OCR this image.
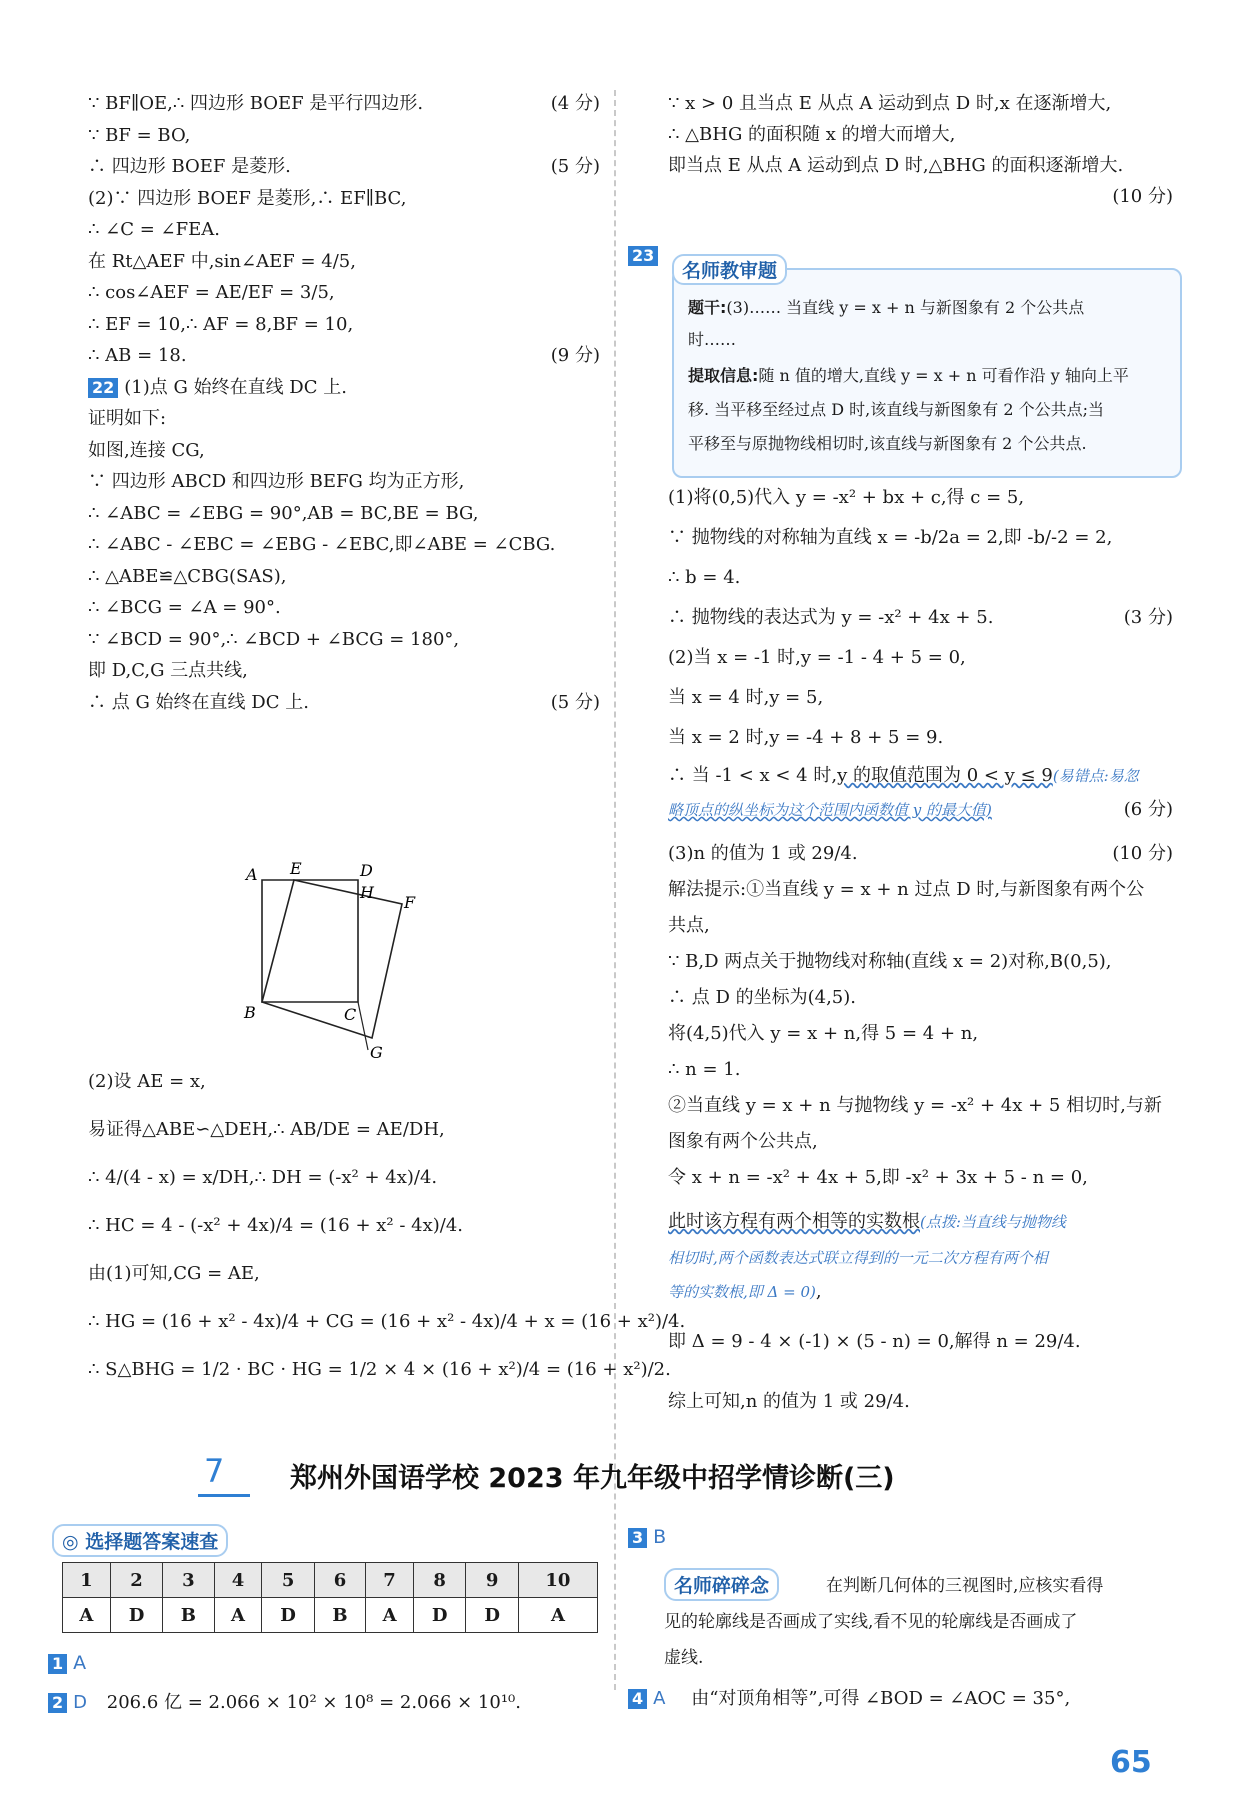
∵ BF∥OE,∴ 四边形 BOEF 是平行四边形.	(4 分)
∵ BF = BO,
∴ 四边形 BOEF 是菱形.	(5 分)
(2)∵ 四边形 BOEF 是菱形,∴ EF∥BC,
∴ ∠C = ∠FEA.
在 Rt△AEF 中,sin∠AEF = 4/5,
∴ cos∠AEF = AE/EF = 3/5,
∴ EF = 10,∴ AF = 8,BF = 10,
∴ AB = 18.	(9 分)
22 (1)点 G 始终在直线 DC 上.
证明如下:
如图,连接 CG,
∵ 四边形 ABCD 和四边形 BEFG 均为正方形,
∴ ∠ABC = ∠EBG = 90°,AB = BC,BE = BG,
∴ ∠ABC - ∠EBC = ∠EBG - ∠EBC,即∠ABE = ∠CBG.
∴ △ABE≌△CBG(SAS),
∴ ∠BCG = ∠A = 90°.
∵ ∠BCD = 90°,∴ ∠BCD + ∠BCG = 180°,
即 D,C,G 三点共线,
∴ 点 G 始终在直线 DC 上.	(5 分)
A E	D
H
F
B	C
G
(2)设 AE = x,
易证得△ABE∽△DEH,∴ AB/DE = AE/DH,
∴ 4/(4 - x) = x/DH,∴ DH = (-x² + 4x)/4.
∴ HC = 4 - (-x² + 4x)/4 = (16 + x² - 4x)/4.
由(1)可知,CG = AE,
∴ HG = (16 + x² - 4x)/4 + CG = (16 + x² - 4x)/4 + x = (16 + x²)/4.
∴ S△BHG = 1/2 · BC · HG = 1/2 × 4 × (16 + x²)/4 = (16 + x²)/2.
∵ x > 0 且当点 E 从点 A 运动到点 D 时,x 在逐渐增大,
∴ △BHG 的面积随 x 的增大而增大,
即当点 E 从点 A 运动到点 D 时,△BHG 的面积逐渐增大.
(10 分)
23
名师教审题
题干:(3)…… 当直线 y = x + n 与新图象有 2 个公共点
时……
提取信息:随 n 值的增大,直线 y = x + n 可看作沿 y 轴向上平
移. 当平移至经过点 D 时,该直线与新图象有 2 个公共点;当
平移至与原抛物线相切时,该直线与新图象有 2 个公共点.
(1)将(0,5)代入 y = -x² + bx + c,得 c = 5,
∵ 抛物线的对称轴为直线 x = -b/2a = 2,即 -b/-2 = 2,
∴ b = 4.
∴ 抛物线的表达式为 y = -x² + 4x + 5.	(3 分)
(2)当 x = -1 时,y = -1 - 4 + 5 = 0,
当 x = 4 时,y = 5,
当 x = 2 时,y = -4 + 8 + 5 = 9.
∴ 当 -1 < x < 4 时,y 的取值范围为 0 < y ≤ 9(易错点:易忽
略顶点的纵坐标为这个范围内函数值 y 的最大值)	(6 分)
(3)n 的值为 1 或 29/4.	(10 分)
解法提示:①当直线 y = x + n 过点 D 时,与新图象有两个公
共点,
∵ B,D 两点关于抛物线对称轴(直线 x = 2)对称,B(0,5),
∴ 点 D 的坐标为(4,5).
将(4,5)代入 y = x + n,得 5 = 4 + n,
∴ n = 1.
②当直线 y = x + n 与抛物线 y = -x² + 4x + 5 相切时,与新
图象有两个公共点,
令 x + n = -x² + 4x + 5,即 -x² + 3x + 5 - n = 0,
此时该方程有两个相等的实数根(点拨:当直线与抛物线
相切时,两个函数表达式联立得到的一元二次方程有两个相
等的实数根,即 Δ = 0),
即 Δ = 9 - 4 × (-1) × (5 - n) = 0,解得 n = 29/4.
综上可知,n 的值为 1 或 29/4.
7 郑州外国语学校 2023 年九年级中招学情诊断(三)
◎ 选择题答案速查
1	2	3	4	5	6	7	8	9	10
A	D	B	A	D	B	A	D	D	A
1 A
2 D 206.6 亿 = 2.066 × 10² × 10⁸ = 2.066 × 10¹⁰.
3 B
名师碎碎念	在判断几何体的三视图时,应核实看得
见的轮廓线是否画成了实线,看不见的轮廓线是否画成了
虚线.
4 A 由“对顶角相等”,可得 ∠BOD = ∠AOC = 35°,
65
